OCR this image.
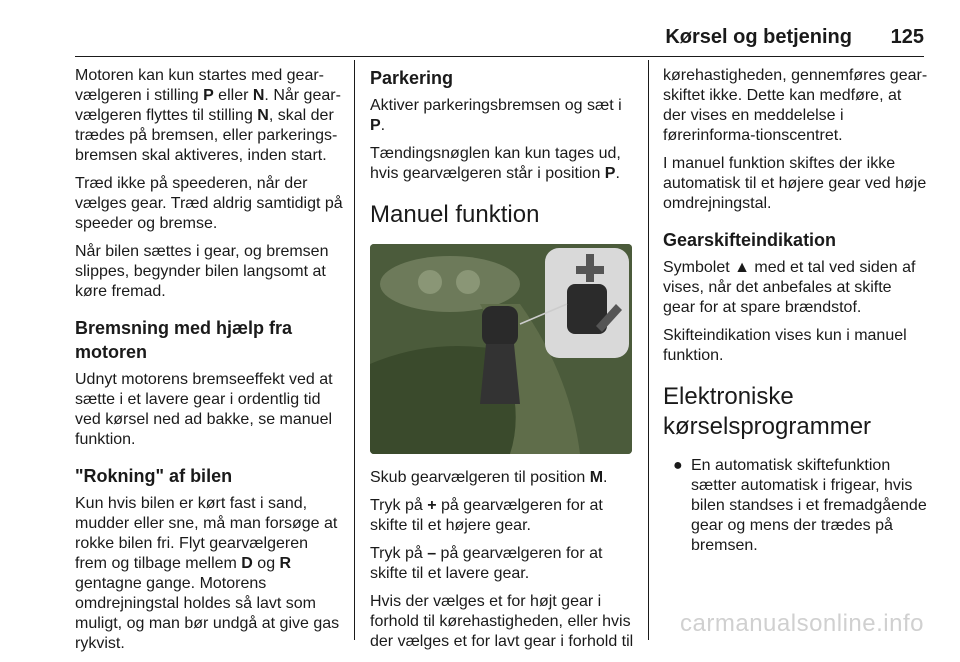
Kørsel og betjening 125

Motoren kan kun startes med gear-vælgeren i stilling P eller N. Når gear-vælgeren flyttes til stilling N, skal der trædes på bremsen, eller parkerings-bremsen skal aktiveres, inden start.

Træd ikke på speederen, når der vælges gear. Træd aldrig samtidigt på speeder og bremse.

Når bilen sættes i gear, og bremsen slippes, begynder bilen langsomt at køre fremad.

Bremsning med hjælp fra motoren

Udnyt motorens bremseeffekt ved at sætte i et lavere gear i ordentlig tid ved kørsel ned ad bakke, se manuel funktion.

"Rokning" af bilen

Kun hvis bilen er kørt fast i sand, mudder eller sne, må man forsøge at rokke bilen fri. Flyt gearvælgeren frem og tilbage mellem D og R gentagne gange. Motorens omdrejningstal holdes så lavt som muligt, og man bør undgå at give gas rykvist.

Parkering

Aktiver parkeringsbremsen og sæt i P.

Tændingsnøglen kan kun tages ud, hvis gearvælgeren står i position P.

Manuel funktion

Skub gearvælgeren til position M.

Tryk på + på gearvælgeren for at skifte til et højere gear.

Tryk på – på gearvælgeren for at skifte til et lavere gear.

Hvis der vælges et for højt gear i forhold til kørehastigheden, eller hvis der vælges et for lavt gear i forhold til

kørehastigheden, gennemføres gear-skiftet ikke. Dette kan medføre, at der vises en meddelelse i førerinforma-tionscentret.

I manuel funktion skiftes der ikke automatisk til et højere gear ved høje omdrejningstal.

Gearskifteindikation

Symbolet ▲ med et tal ved siden af vises, når det anbefales at skifte gear for at spare brændstof.

Skifteindikation vises kun i manuel funktion.

Elektroniske kørselsprogrammer
● En automatisk skiftefunktion sætter automatisk i frigear, hvis bilen standses i et fremadgående gear og mens der trædes på bremsen.
carmanualsonline.info
